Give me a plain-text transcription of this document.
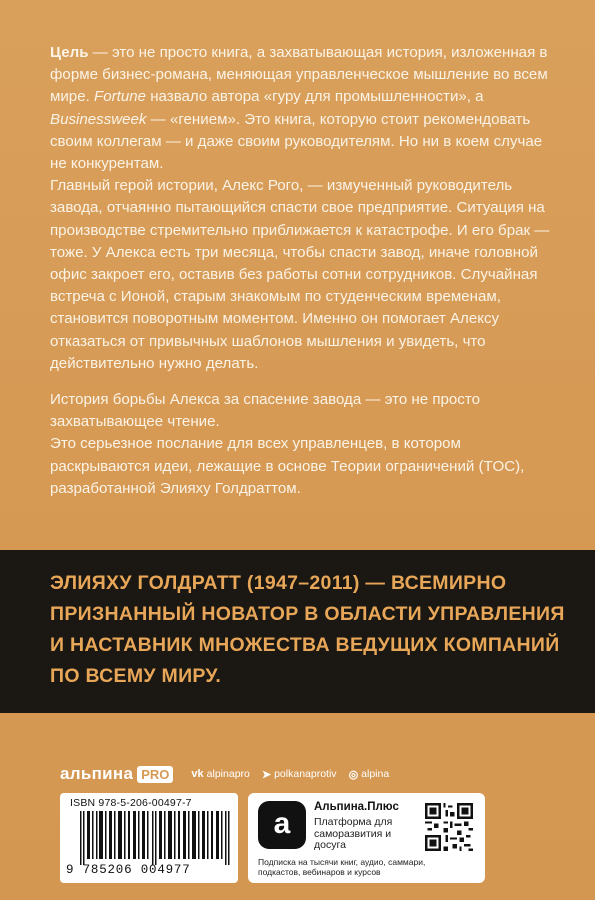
Цель — это не просто книга, а захватывающая история, изложенная в форме бизнес-романа, меняющая управленческое мышление во всем мире. Fortune назвало автора «гуру для промышленности», а Businessweek — «гением». Это книга, которую стоит рекомендовать своим коллегам — и даже своим руководителям. Но ни в коем случае не конкурентам.

Главный герой истории, Алекс Рого, — измученный руководитель завода, отчаянно пытающийся спасти свое предприятие. Ситуация на производстве стремительно приближается к катастрофе. И его брак — тоже. У Алекса есть три месяца, чтобы спасти завод, иначе головной офис закроет его, оставив без работы сотни сотрудников. Случайная встреча с Ионой, старым знакомым по студенческим временам, становится поворотным моментом. Именно он помогает Алексу отказаться от привычных шаблонов мышления и увидеть, что действительно нужно делать.

История борьбы Алекса за спасение завода — это не просто захватывающее чтение.

Это серьезное послание для всех управленцев, в котором раскрываются идеи, лежащие в основе Теории ограничений (TOC), разработанной Элияху Голдраттом.

ЭЛИЯХУ ГОЛДРАТТ (1947–2011) — ВСЕМИРНО ПРИЗНАННЫЙ НОВАТОР В ОБЛАСТИ УПРАВЛЕНИЯ И НАСТАВНИК МНОЖЕСТВА ВЕДУЩИХ КОМПАНИЙ ПО ВСЕМУ МИРУ.

альпина PRO	vk alpinapro ➤ polkanaprotiv ◎ alpina
ISBN 978-5-206-00497-7
9 785206 004977
a	Альпина.Плюс
Платформа для саморазвития и досуга
Подписка на тысячи книг, аудио, саммари, подкастов, вебинаров и курсов
